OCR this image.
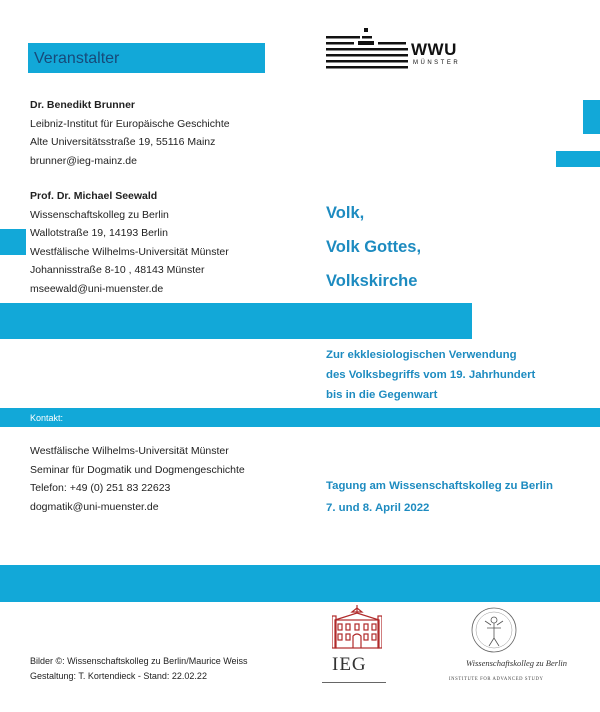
Veranstalter
Dr. Benedikt Brunner
Leibniz-Institut für Europäische Geschichte
Alte Universitätsstraße 19, 55116 Mainz
brunner@ieg-mainz.de
Prof. Dr. Michael Seewald
Wissenschaftskolleg zu Berlin
Wallotstraße 19, 14193 Berlin
Westfälische Wilhelms-Universität Münster
Johannisstraße 8-10 , 48143 Münster
mseewald@uni-muenster.de
Kontakt:
Westfälische Wilhelms-Universität Münster
Seminar für Dogmatik und Dogmengeschichte
Telefon: +49 (0) 251 83 22623
dogmatik@uni-muenster.de
Volk,
Volk Gottes,
Volkskirche
Zur ekklesiologischen Verwendung
des Volksbegriffs vom 19. Jahrhundert
bis in die Gegenwart
Tagung am Wissenschaftskolleg zu Berlin
7. und 8. April 2022
WWU
MÜNSTER
IEG	Wissenschaftskolleg zu Berlin
INSTITUTE FOR ADVANCED STUDY
Bilder ©: Wissenschaftskolleg zu Berlin/Maurice Weiss
Gestaltung: T. Kortendieck - Stand: 22.02.22
